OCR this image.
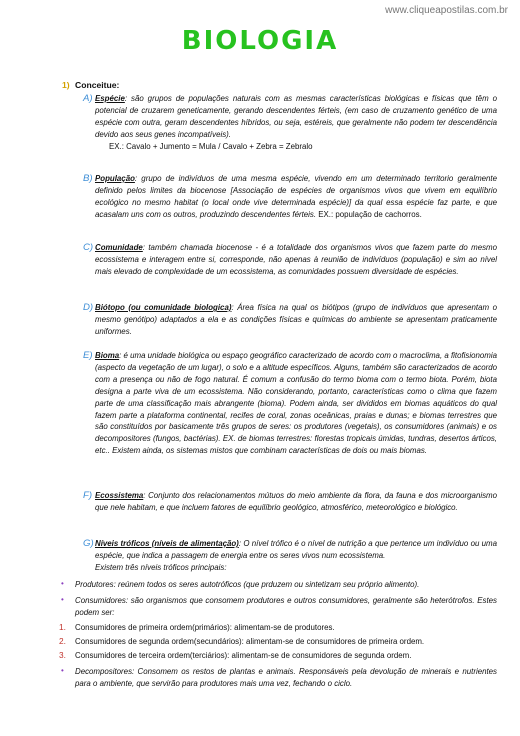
www.cliqueapostilas.com.br
BIOLOGIA
1) Conceitue:
A) Espécie: são grupos de populações naturais com as mesmas características biológicas e físicas que têm o potencial de cruzarem geneticamente, gerando descendentes férteis, (em caso de cruzamento genético de uma espécie com outra, geram descendentes híbridos, ou seja, estéreis, que geralmente não podem ter descendência devido aos seus genes incompatíveis).
EX.: Cavalo + Jumento = Mula / Cavalo + Zebra = Zebralo
B) População: grupo de indivíduos de uma mesma espécie, vivendo em um determinado territorio geralmente definido pelos limites da biocenose [Associação de espécies de organismos vivos que vivem em equilíbrio ecológico no mesmo habitat (o local onde vive determinada espécie)] da qual essa espécie faz parte, e que acasalam uns com os outros, produzindo descendentes férteis. EX.: população de cachorros.
C) Comunidade: também chamada biocenose - é a totalidade dos organismos vivos que fazem parte do mesmo ecossistema e interagem entre si, corresponde, não apenas à reunião de indivíduos (população) e sim ao nível mais elevado de complexidade de um ecossistema, as comunidades possuem diversidade de espécies.
D) Biótopo (ou comunidade biologica): Área física na qual os biótipos (grupo de indivíduos que apresentam o mesmo genótipo) adaptados a ela e as condições físicas e químicas do ambiente se apresentam praticamente uniformes.
E) Bioma: é uma unidade biológica ou espaço geográfico caracterizado de acordo com o macroclima, a fitofisionomia (aspecto da vegetação de um lugar), o solo e a altitude específicos. Alguns, também são caracterizados de acordo com a presença ou não de fogo natural. É comum a confusão do termo bioma com o termo biota. Porém, biota designa a parte viva de um ecossistema. Não considerando, portanto, características como o clima que fazem parte de uma classificação mais abrangente (bioma). Podem ainda, ser divididos em biomas aquáticos do qual fazem parte a plataforma continental, recifes de coral, zonas oceânicas, praias e dunas; e biomas terrestres que são constituídos por basicamente três grupos de seres: os produtores (vegetais), os consumidores (animais) e os decompositores (fungos, bactérias). EX. de biomas terrestres: florestas tropicais úmidas, tundras, desertos árticos, etc.. Existem ainda, os sistemas mistos que combinam características de dois ou mais biomas.
F) Ecossistema: Conjunto dos relacionamentos mútuos do meio ambiente da flora, da fauna e dos microorganismo que nele habitam, e que incluem fatores de equilíbrio geológico, atmosférico, meteorológico e biológico.
G) Níveis tróficos (níveis de alimentação): O nível trófico é o nível de nutrição a que pertence um indivíduo ou uma espécie, que indica a passagem de energia entre os seres vivos num ecossistema.
Existem três níveis tróficos principais:
• Produtores: reúnem todos os seres autotróficos (que prduzem ou sintetizam seu próprio alimento).
• Consumidores: são organismos que consomem produtores e outros consumidores, geralmente são heterótrofos. Estes podem ser:
1. Consumidores de primeira ordem(primários): alimentam-se de produtores.
2. Consumidores de segunda ordem(secundários): alimentam-se de consumidores de primeira ordem.
3. Consumidores de terceira ordem(terciários): alimentam-se de consumidores de segunda ordem.
• Decompositores: Consomem os restos de plantas e animais. Responsáveis pela devolução de minerais e nutrientes para o ambiente, que servirão para produtores mais uma vez, fechando o ciclo.
